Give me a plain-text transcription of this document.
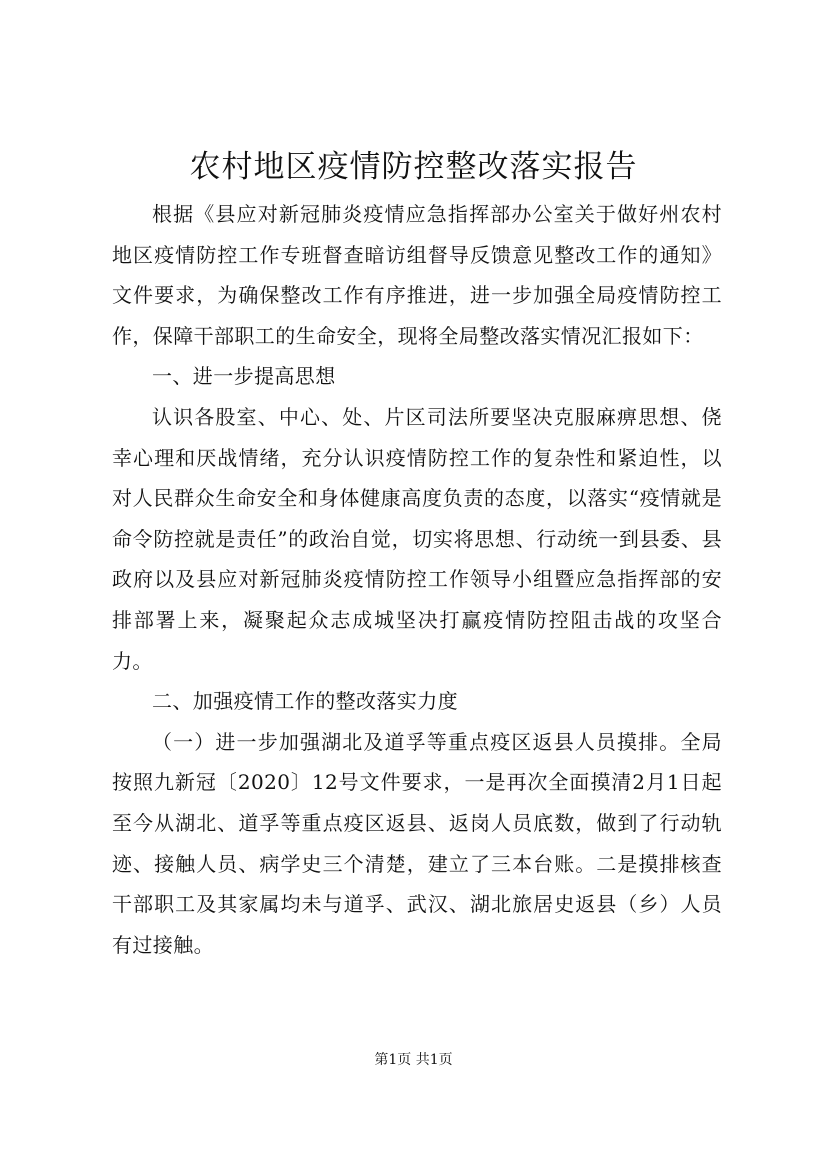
农村地区疫情防控整改落实报告

根据《县应对新冠肺炎疫情应急指挥部办公室关于做好州农村地区疫情防控工作专班督查暗访组督导反馈意见整改工作的通知》文件要求，为确保整改工作有序推进，进一步加强全局疫情防控工作，保障干部职工的生命安全，现将全局整改落实情况汇报如下：

一、进一步提高思想

认识各股室、中心、处、片区司法所要坚决克服麻痹思想、侥幸心理和厌战情绪，充分认识疫情防控工作的复杂性和紧迫性，以对人民群众生命安全和身体健康高度负责的态度，以落实“疫情就是命令防控就是责任”的政治自觉，切实将思想、行动统一到县委、县政府以及县应对新冠肺炎疫情防控工作领导小组暨应急指挥部的安排部署上来，凝聚起众志成城坚决打赢疫情防控阻击战的攻坚合力。

二、加强疫情工作的整改落实力度

（一）进一步加强湖北及道孚等重点疫区返县人员摸排。全局按照九新冠〔2020〕12号文件要求，一是再次全面摸清2月1日起至今从湖北、道孚等重点疫区返县、返岗人员底数，做到了行动轨迹、接触人员、病学史三个清楚，建立了三本台账。二是摸排核查干部职工及其家属均未与道孚、武汉、湖北旅居史返县（乡）人员有过接触。

第1页 共1页
